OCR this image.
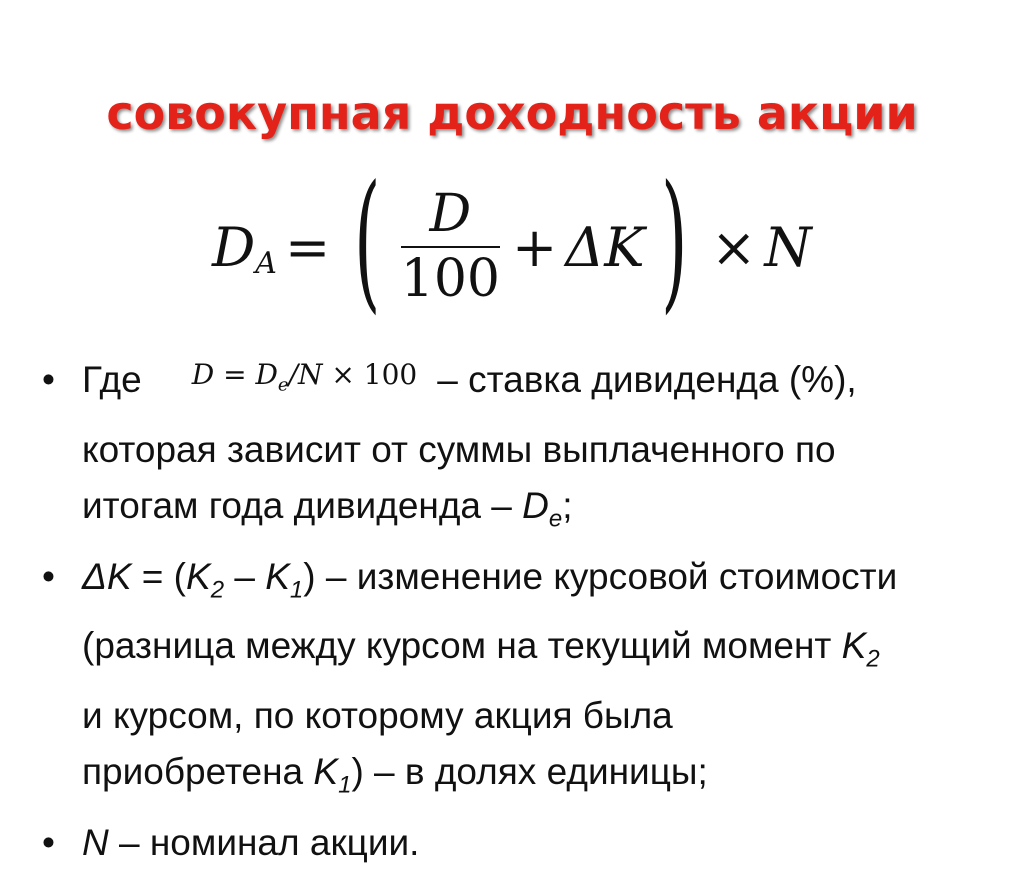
совокупная доходность акции
D A = ( $\frac{D}{100} + \Delta K$ ) × N
• Где $D = D_e/N \times 100$ – ставка дивиденда (%),
которая зависит от суммы выплаченного по
итогам года дивиденда – $D_e$;
• $\Delta K = (K_2 - K_1)$ – изменение курсовой стоимости
(разница между курсом на текущий момент $K_2$
и курсом, по которому акция была
приобретена $K_1$) – в долях единицы;
• N – номинал акции.
